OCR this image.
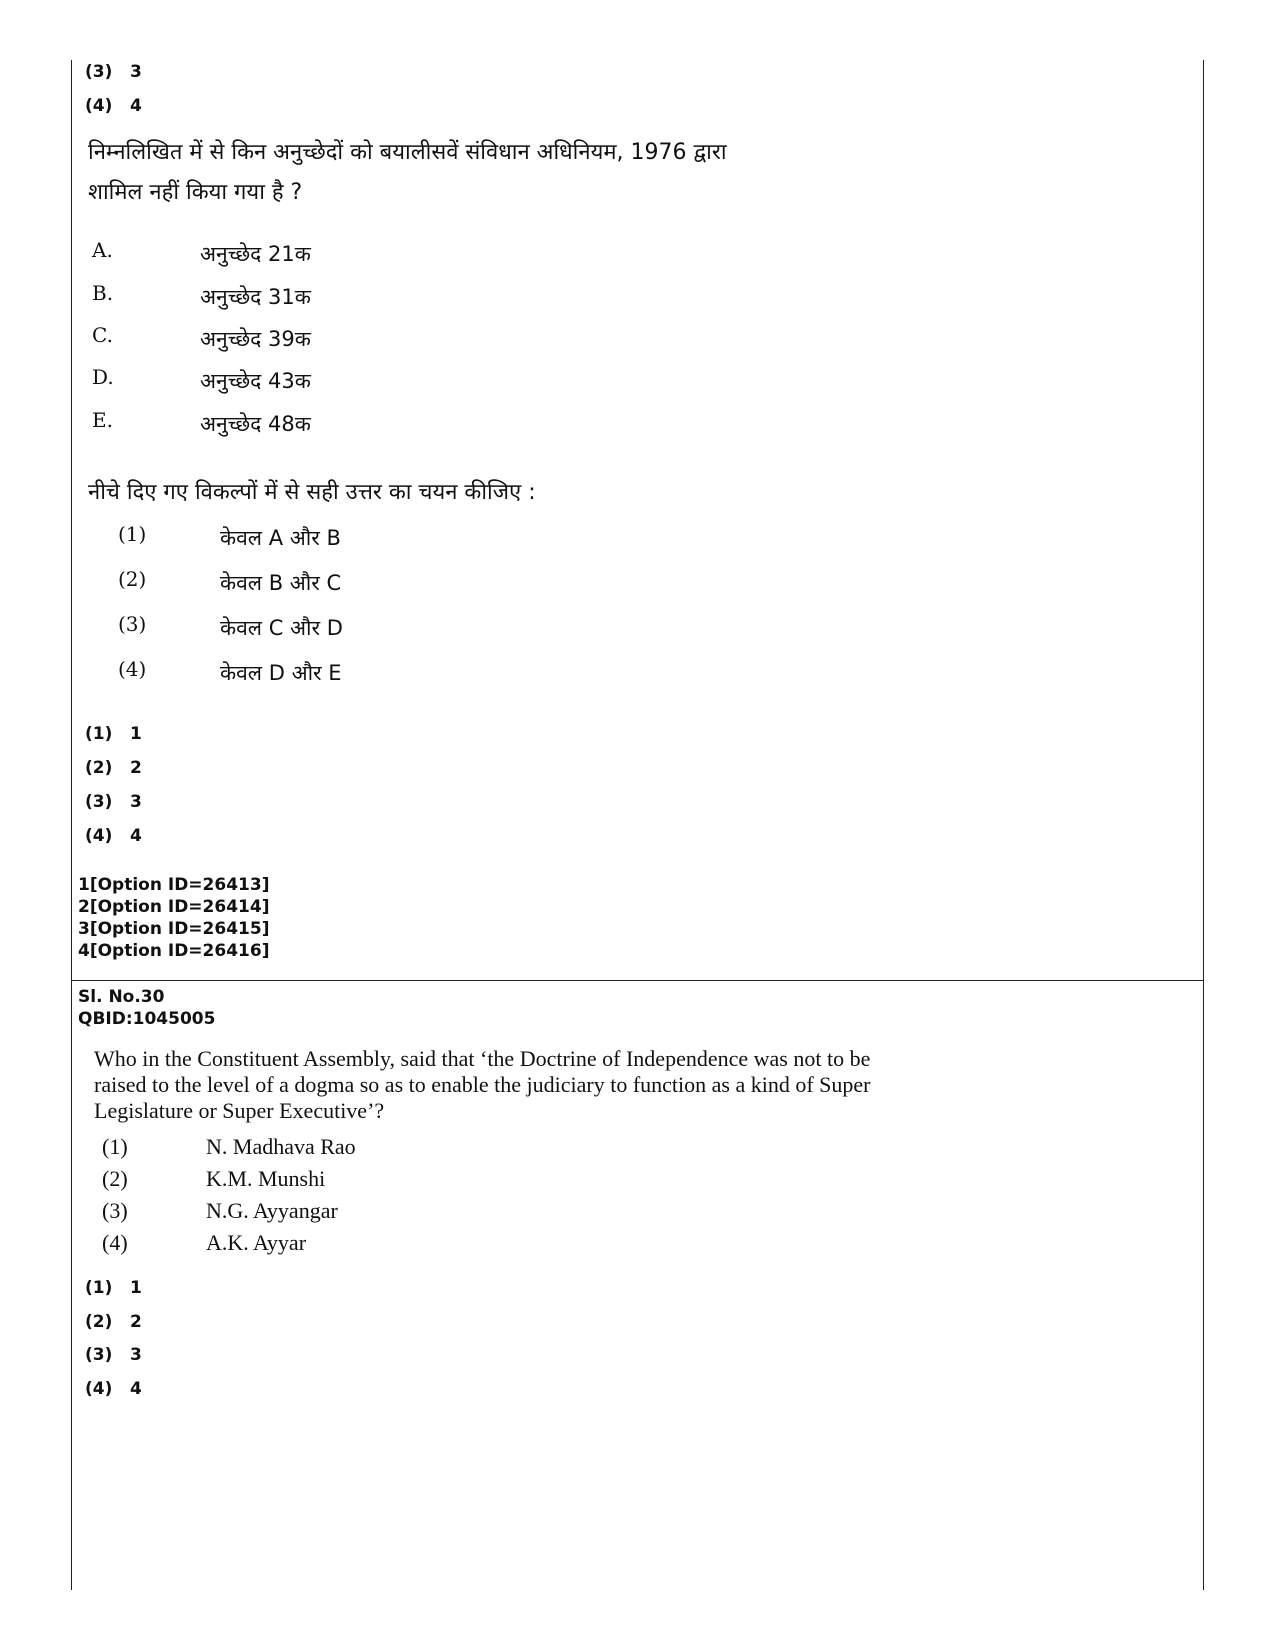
(3) 3
(4) 4
निम्नलिखित में से किन अनुच्छेदों को बयालीसवें संविधान अधिनियम, 1976 द्वारा
शामिल नहीं किया गया है ?
A.	अनुच्छेद 21क
B.	अनुच्छेद 31क
C.	अनुच्छेद 39क
D.	अनुच्छेद 43क
E.	अनुच्छेद 48क
नीचे दिए गए विकल्पों में से सही उत्तर का चयन कीजिए :
(1)	केवल A और B
(2)	केवल B और C
(3)	केवल C और D
(4)	केवल D और E
(1) 1
(2) 2
(3) 3
(4) 4
1[Option ID=26413]
2[Option ID=26414]
3[Option ID=26415]
4[Option ID=26416]
Sl. No.30
QBID:1045005
Who in the Constituent Assembly, said that ‘the Doctrine of Independence was not to be raised to the level of a dogma so as to enable the judiciary to function as a kind of Super Legislature or Super Executive’?
(1)	N. Madhava Rao
(2)	K.M. Munshi
(3)	N.G. Ayyangar
(4)	A.K. Ayyar
(1) 1
(2) 2
(3) 3
(4) 4
